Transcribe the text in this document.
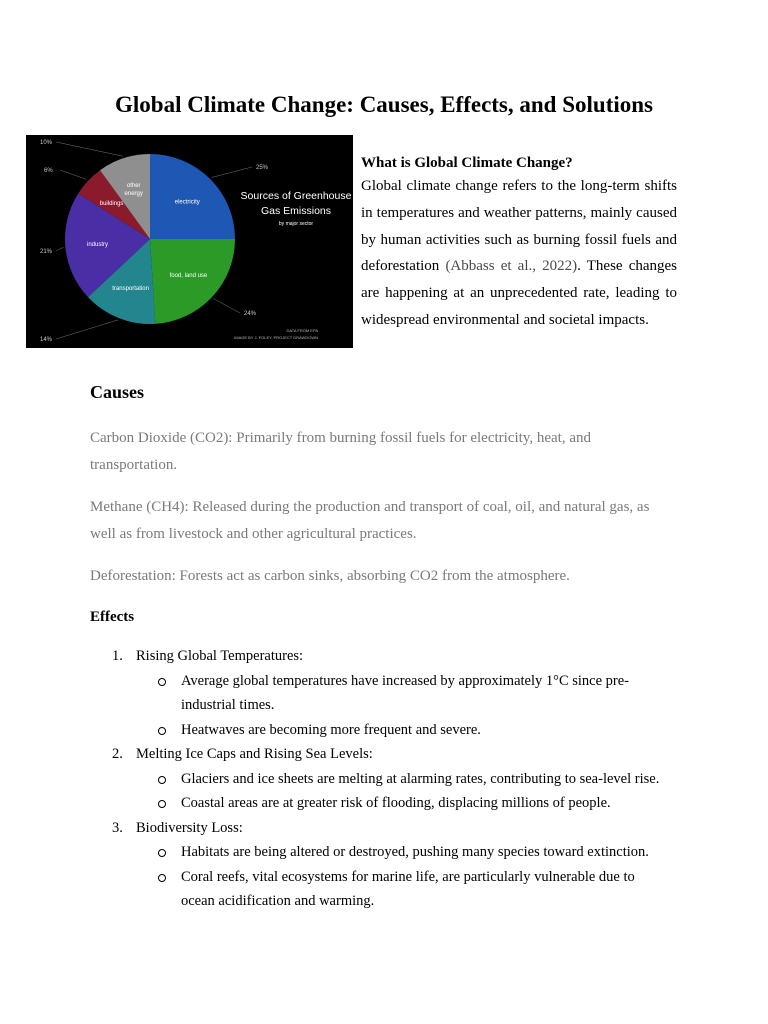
Global Climate Change: Causes, Effects, and Solutions
Sources of Greenhouse
Gas Emissions
by major sector
DATA FROM EPA
IMAGE BY J. FOLEY, PROJECT DRAWDOWN
electricity
25%
food, land use
24%
transportation
14%
industry
21%
buildings
6%
other
energy
10%
What is Global Climate Change?

Global climate change refers to the long-term shifts in temperatures and weather patterns, mainly caused by human activities such as burning fossil fuels and deforestation (Abbass et al., 2022). These changes are happening at an unprecedented rate, leading to widespread environmental and societal impacts.

Causes

Carbon Dioxide (CO2): Primarily from burning fossil fuels for electricity, heat, and transportation.

Methane (CH4): Released during the production and transport of coal, oil, and natural gas, as well as from livestock and other agricultural practices.

Deforestation: Forests act as carbon sinks, absorbing CO2 from the atmosphere.

Effects
1. Rising Global Temperatures:
Average global temperatures have increased by approximately 1°C since pre-industrial times.
Heatwaves are becoming more frequent and severe.
2. Melting Ice Caps and Rising Sea Levels:
Glaciers and ice sheets are melting at alarming rates, contributing to sea-level rise.
Coastal areas are at greater risk of flooding, displacing millions of people.
3. Biodiversity Loss:
Habitats are being altered or destroyed, pushing many species toward extinction.
Coral reefs, vital ecosystems for marine life, are particularly vulnerable due to ocean acidification and warming.
